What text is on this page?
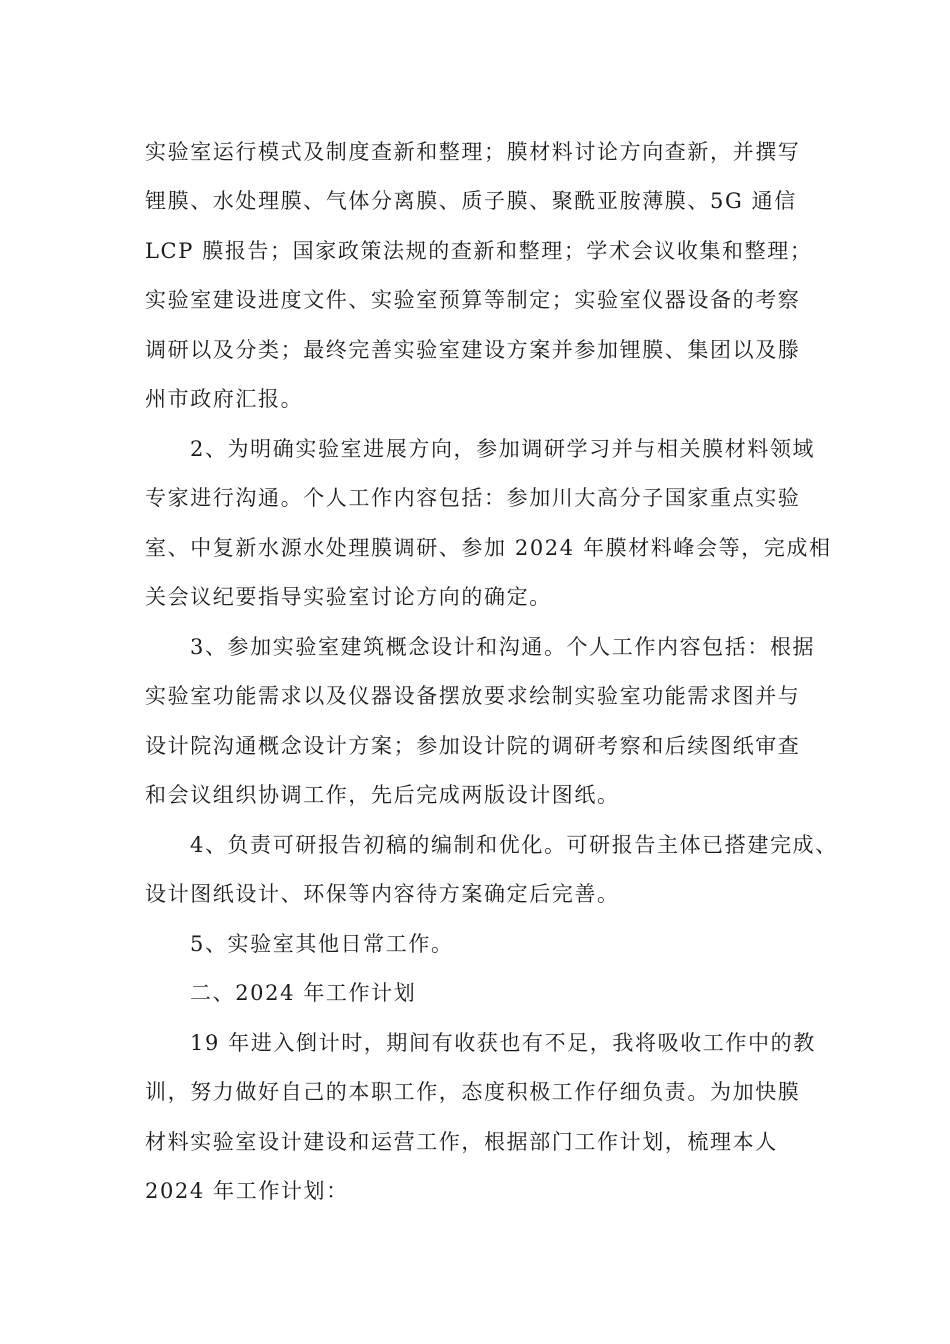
实验室运行模式及制度查新和整理；膜材料讨论方向查新，并撰写
锂膜、水处理膜、气体分离膜、质子膜、聚酰亚胺薄膜、5G 通信
LCP 膜报告；国家政策法规的查新和整理；学术会议收集和整理；
实验室建设进度文件、实验室预算等制定；实验室仪器设备的考察
调研以及分类；最终完善实验室建设方案并参加锂膜、集团以及滕
州市政府汇报。
2、为明确实验室进展方向，参加调研学习并与相关膜材料领域
专家进行沟通。个人工作内容包括：参加川大高分子国家重点实验
室、中复新水源水处理膜调研、参加 2024 年膜材料峰会等，完成相
关会议纪要指导实验室讨论方向的确定。
3、参加实验室建筑概念设计和沟通。个人工作内容包括：根据
实验室功能需求以及仪器设备摆放要求绘制实验室功能需求图并与
设计院沟通概念设计方案；参加设计院的调研考察和后续图纸审查
和会议组织协调工作，先后完成两版设计图纸。
4、负责可研报告初稿的编制和优化。可研报告主体已搭建完成、
设计图纸设计、环保等内容待方案确定后完善。
5、实验室其他日常工作。
二、2024 年工作计划
19 年进入倒计时，期间有收获也有不足，我将吸收工作中的教
训，努力做好自己的本职工作，态度积极工作仔细负责。为加快膜
材料实验室设计建设和运营工作，根据部门工作计划，梳理本人
2024 年工作计划：
